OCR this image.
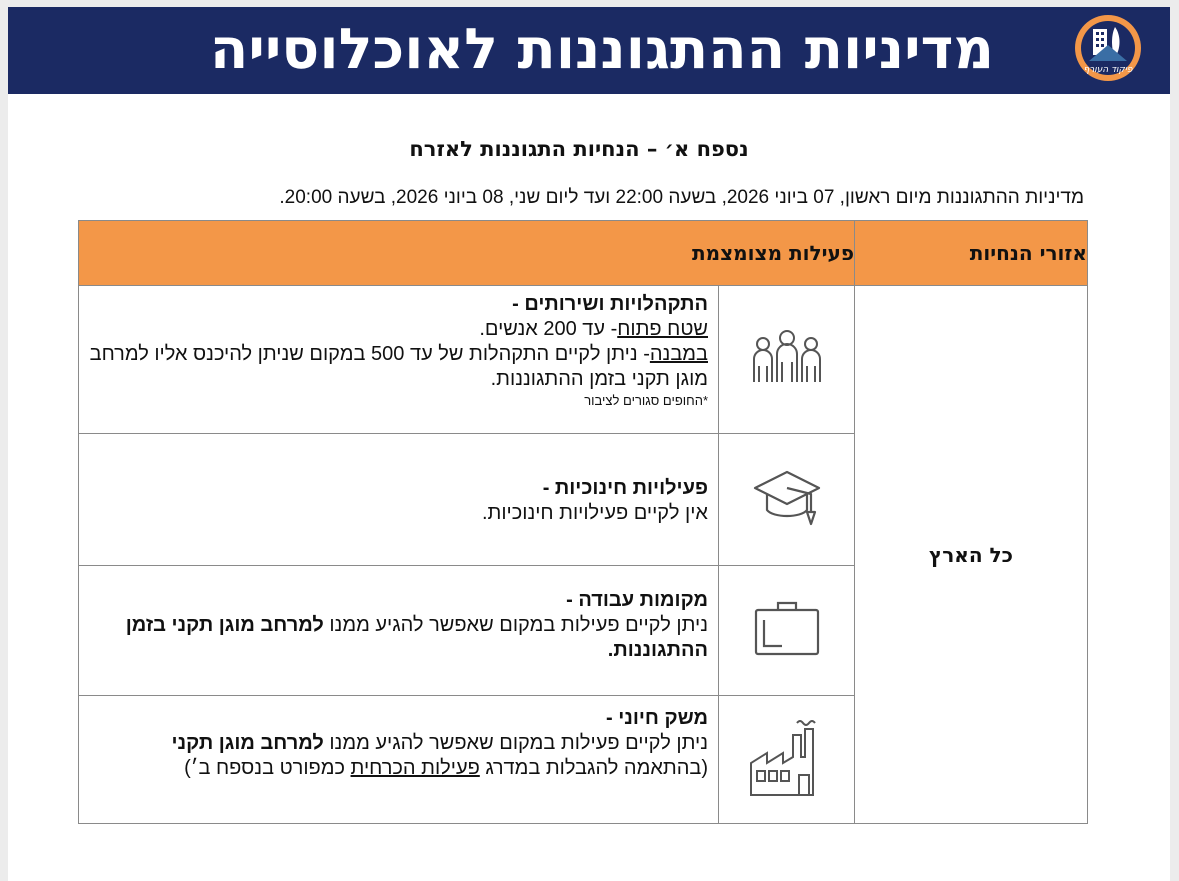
מדיניות ההתגוננות לאוכלוסייה	פיקוד העורף
נספח א׳ – הנחיות התגוננות לאזרח
מדיניות ההתגוננות מיום ראשון, 07 ביוני 2026, בשעה 22:00 ועד ליום שני, 08 ביוני 2026, בשעה 20:00.
אזורי הנחיות	פעילות מצומצמת	
כל הארץ		התקהלויות ושירותים -
שטח פתוח- עד 200 אנשים.
במבנה- ניתן לקיים התקהלות של עד 500 במקום שניתן להיכנס אליו למרחב מוגן תקני בזמן ההתגוננות.
*החופים סגורים לציבור

פעילויות חינוכיות -
אין לקיים פעילויות חינוכיות.

מקומות עבודה -
ניתן לקיים פעילות במקום שאפשר להגיע ממנו למרחב מוגן תקני בזמן ההתגוננות.

משק חיוני -
ניתן לקיים פעילות במקום שאפשר להגיע ממנו למרחב מוגן תקני
(בהתאמה להגבלות במדרג פעילות הכרחית כמפורט בנספח ב׳)
